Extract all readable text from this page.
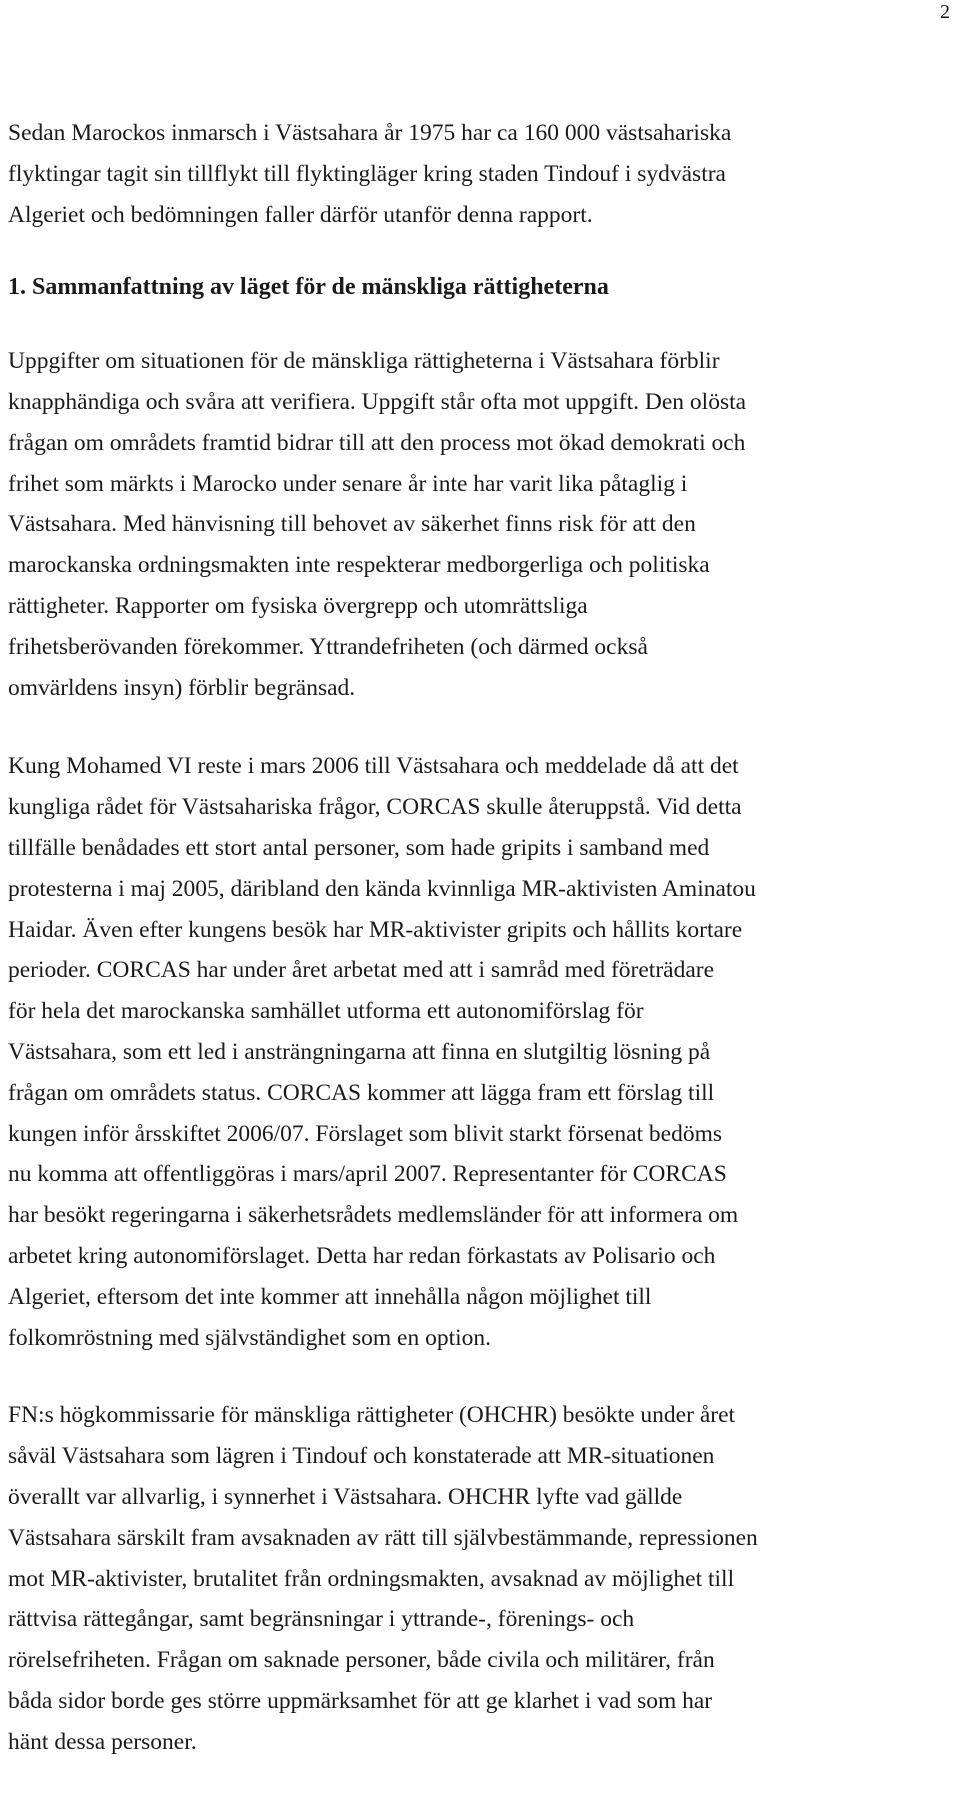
2

Sedan Marockos inmarsch i Västsahara år 1975 har ca 160 000 västsahariska
flyktingar tagit sin tillflykt till flyktingläger kring staden Tindouf i sydvästra
Algeriet och bedömningen faller därför utanför denna rapport.

1. Sammanfattning av läget för de mänskliga rättigheterna

Uppgifter om situationen för de mänskliga rättigheterna i Västsahara förblir
knapphändiga och svåra att verifiera. Uppgift står ofta mot uppgift. Den olösta
frågan om områdets framtid bidrar till att den process mot ökad demokrati och
frihet som märkts i Marocko under senare år inte har varit lika påtaglig i
Västsahara. Med hänvisning till behovet av säkerhet finns risk för att den
marockanska ordningsmakten inte respekterar medborgerliga och politiska
rättigheter. Rapporter om fysiska övergrepp och utomrättsliga
frihetsberövanden förekommer. Yttrandefriheten (och därmed också
omvärldens insyn) förblir begränsad.

Kung Mohamed VI reste i mars 2006 till Västsahara och meddelade då att det
kungliga rådet för Västsahariska frågor, CORCAS skulle återuppstå. Vid detta
tillfälle benådades ett stort antal personer, som hade gripits i samband med
protesterna i maj 2005, däribland den kända kvinnliga MR-aktivisten Aminatou
Haidar. Även efter kungens besök har MR-aktivister gripits och hållits kortare
perioder. CORCAS har under året arbetat med att i samråd med företrädare
för hela det marockanska samhället utforma ett autonomiförslag för
Västsahara, som ett led i ansträngningarna att finna en slutgiltig lösning på
frågan om områdets status. CORCAS kommer att lägga fram ett förslag till
kungen inför årsskiftet 2006/07. Förslaget som blivit starkt försenat bedöms
nu komma att offentliggöras i mars/april 2007. Representanter för CORCAS
har besökt regeringarna i säkerhetsrådets medlemsländer för att informera om
arbetet kring autonomiförslaget. Detta har redan förkastats av Polisario och
Algeriet, eftersom det inte kommer att innehålla någon möjlighet till
folkomröstning med självständighet som en option.

FN:s högkommissarie för mänskliga rättigheter (OHCHR) besökte under året
såväl Västsahara som lägren i Tindouf och konstaterade att MR-situationen
överallt var allvarlig, i synnerhet i Västsahara. OHCHR lyfte vad gällde
Västsahara särskilt fram avsaknaden av rätt till självbestämmande, repressionen
mot MR-aktivister, brutalitet från ordningsmakten, avsaknad av möjlighet till
rättvisa rättegångar, samt begränsningar i yttrande-, förenings- och
rörelsefriheten. Frågan om saknade personer, både civila och militärer, från
båda sidor borde ges större uppmärksamhet för att ge klarhet i vad som har
hänt dessa personer.
